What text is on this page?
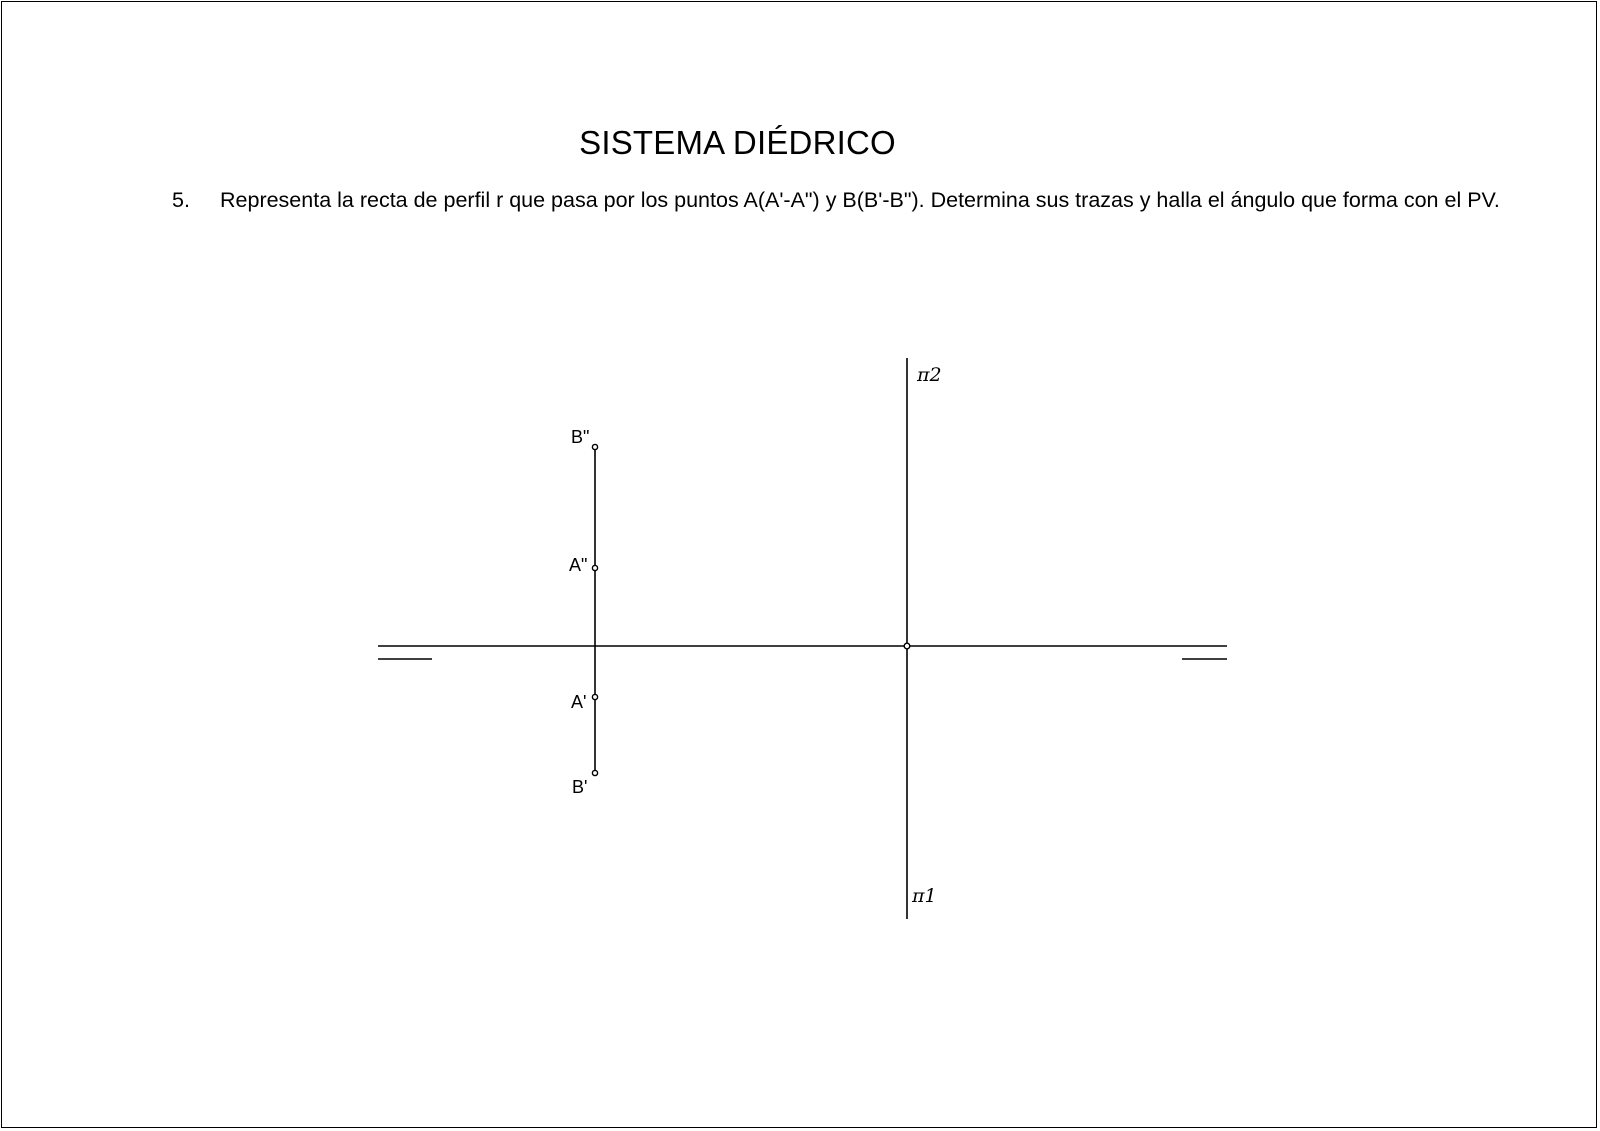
SISTEMA DIÉDRICO
5. Representa la recta de perfil r que pasa por los puntos A(A'-A") y B(B'-B"). Determina sus trazas y halla el ángulo que forma con el PV.
B"
A"
A'
B'
π2
π1
